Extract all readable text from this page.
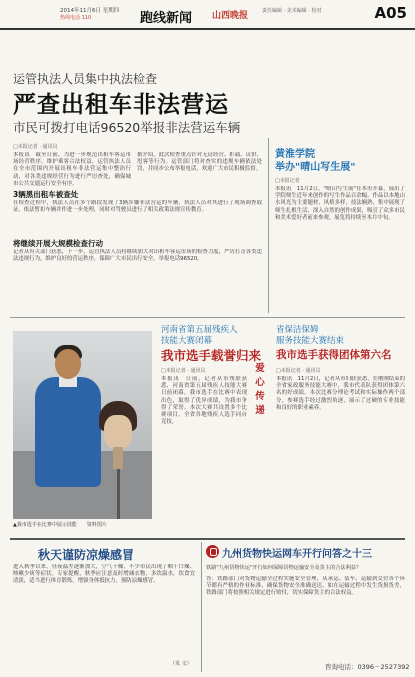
2014年11月6日 星期四
热线电话 110	跑线新闻 山西晚报	责任编辑 · 美术编辑 · 校对	A05
运管执法人员集中执法检查
严查出租车非法营运
市民可拨打电话96520举报非法营运车辆
□本报记者 · 通讯员
本报讯　截至日前，为进一步规范出租车客运市场经营秩序，维护乘客合法权益，运管执法人员在全市范围内开展出租车非法营运集中整治行动，对各类违规经营行为进行严厉查处，确保城市公共交通运行安全有序。
据介绍，此次检查重点针对无证经营、拒载、议价、甩客等行为。运管部门将对查实的违规车辆依法处罚，并同步公布举报电话，欢迎广大市民积极监督。
3辆黑出租车被查处
在检查过程中，执法人员在多个路段发现了3辆涉嫌非法营运的车辆，执法人员对其进行了现场调查取证，依法暂扣车辆并作进一步处理，同时对驾驶员进行了相关政策法规宣传教育。
将继续开展大规模检查行动
记者从有关部门获悉，下一步，运管执法人员将继续加大对出租车客运市场的检查力度，严厉打击各类违法违规行为，维护良好的营运秩序，保障广大市民出行安全，举报电话96520。
黄淮学院
举办"晴山写生展"
□本报记者
本报讯　11月2日，"晴山写生展"在本市开幕，展出了学院师生近年来创作的写生作品百余幅。作品以本地山水风光为主要题材，风格多样，技法娴熟，集中展现了师生扎根生活、深入自然的创作成果，吸引了众多市民和美术爱好者前来参观。展览将持续至本月中旬。
▲我市选手在比赛中展示技能　　资料图片
河南省第五届残疾人
技能大赛闭幕
我市选手载誉归来
□本报记者 · 通讯员
本报讯　日前，记者从市残联获悉，河南省第五届残疾人技能大赛日前闭幕，我市选手在比赛中表现出色，取得了优异成绩，为我市争得了荣誉。本次大赛共设置多个比赛项目，全省各地残疾人选手同台竞技。
爱心传递
省保洁保姆
服务技能大赛结束
我市选手获得团体第六名
□本报记者 · 通讯员
本报讯　11月2日，记者从市妇联获悉，在刚刚结束的全省家政服务技能大赛中，我市代表队获得团体第六名的好成绩。本次比赛分理论考试和实际操作两个部分，参赛选手经过激烈角逐，展示了过硬的专业技能和良好的职业素养。
秋天谨防凉燥感冒
进入秋季以来，昼夜温差逐渐加大，空气干燥，不少市民出现了咽干口燥、咳嗽少痰等症状。专家提醒，秋季应注意及时增减衣物，多饮温水，饮食宜清淡，适当进行体育锻炼，增强身体抵抗力，预防凉燥感冒。
（贝 文）
九州货物快运网车开行问答之十三
铁路"九州货物快运"开行如何保障货物运输安全及货主的合法利益？
答：铁路部门对货物运输全过程实施安全管理，从承运、装车、运输到交付各个环节都有严格的作业标准，确保货物安全准确送达。如在运输过程中发生货损货差，铁路部门将按照相关规定进行赔付，切实保障货主的合法权益。
咨询电话：0396－2527392
